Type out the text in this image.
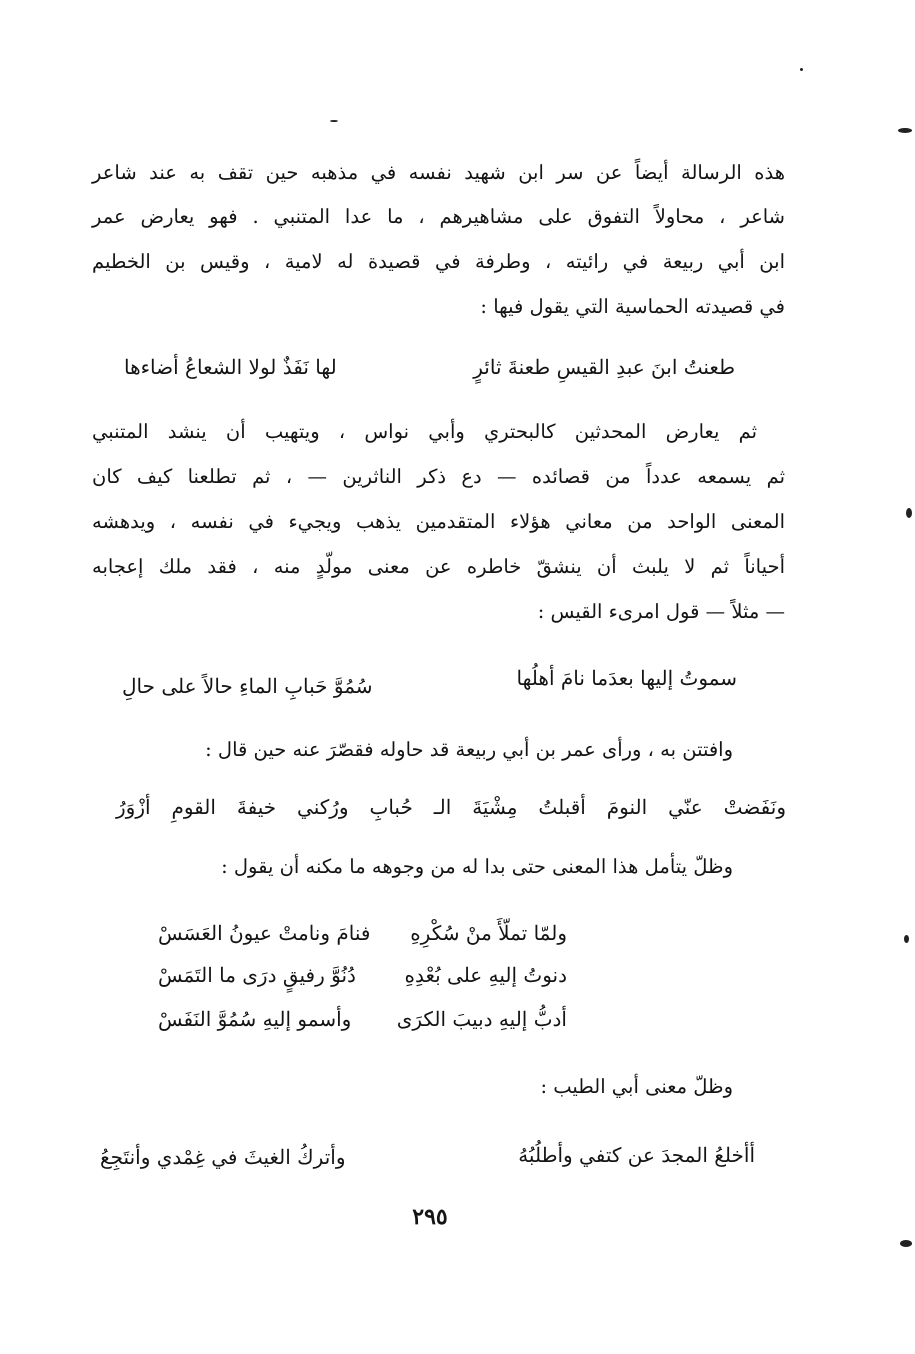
هذه الرسالة أيضاً عن سر ابن شهيد نفسه في مذهبه حين تقف به عند شاعر
شاعر ، محاولاً التفوق على مشاهيرهم ، ما عدا المتنبي . فهو يعارض عمر
ابن أبي ربيعة في رائيته ، وطرفة في قصيدة له لامية ، وقيس بن الخطيم
في قصيدته الحماسية التي يقول فيها :
طعنتُ ابنَ عبدِ القيسِ طعنةَ ثائرٍ
لها نَفَذٌ لولا الشعاعُ أضاءها
ثم يعارض المحدثين كالبحتري وأبي نواس ، ويتهيب أن ينشد المتنبي
ثم يسمعه عدداً من قصائده — دع ذكر الناثرين — ، ثم تطلعنا كيف كان
المعنى الواحد من معاني هؤلاء المتقدمين يذهب ويجيء في نفسه ، ويدهشه
أحياناً ثم لا يلبث أن ينشقّ خاطره عن معنى مولّدٍ منه ، فقد ملك إعجابه
— مثلاً — قول امرىء القيس :
سموتُ إليها بعدَما نامَ أهلُها
سُمُوَّ حَبابِ الماءِ حالاً على حالِ
وافتتن به ، ورأى عمر بن أبي ربيعة قد حاوله فقصّرَ عنه حين قال :
ونَفَضتْ عنّي النومَ أقبلتُ مِشْيَةَ الـ حُبابِ ورُكني خيفةَ القومِ أزْوَرُ
وظلّ يتأمل هذا المعنى حتى بدا له من وجوهه ما مكنه أن يقول :
ولمّا تملّأَ منْ سُكْرِهِ
فنامَ ونامتْ عيونُ العَسَسْ
دنوتُ إليهِ على بُعْدِهِ
دُنُوَّ رفيقٍ درَى ما التَمَسْ
أدبُّ إليهِ دبيبَ الكرَى
وأسمو إليهِ سُمُوَّ النَفَسْ
وظلّ معنى أبي الطيب :
أأخلعُ المجدَ عن كتفي وأطلُبُهُ
وأتركُ الغيثَ في غِمْدي وأنتَجِعُ
٢٩٥
